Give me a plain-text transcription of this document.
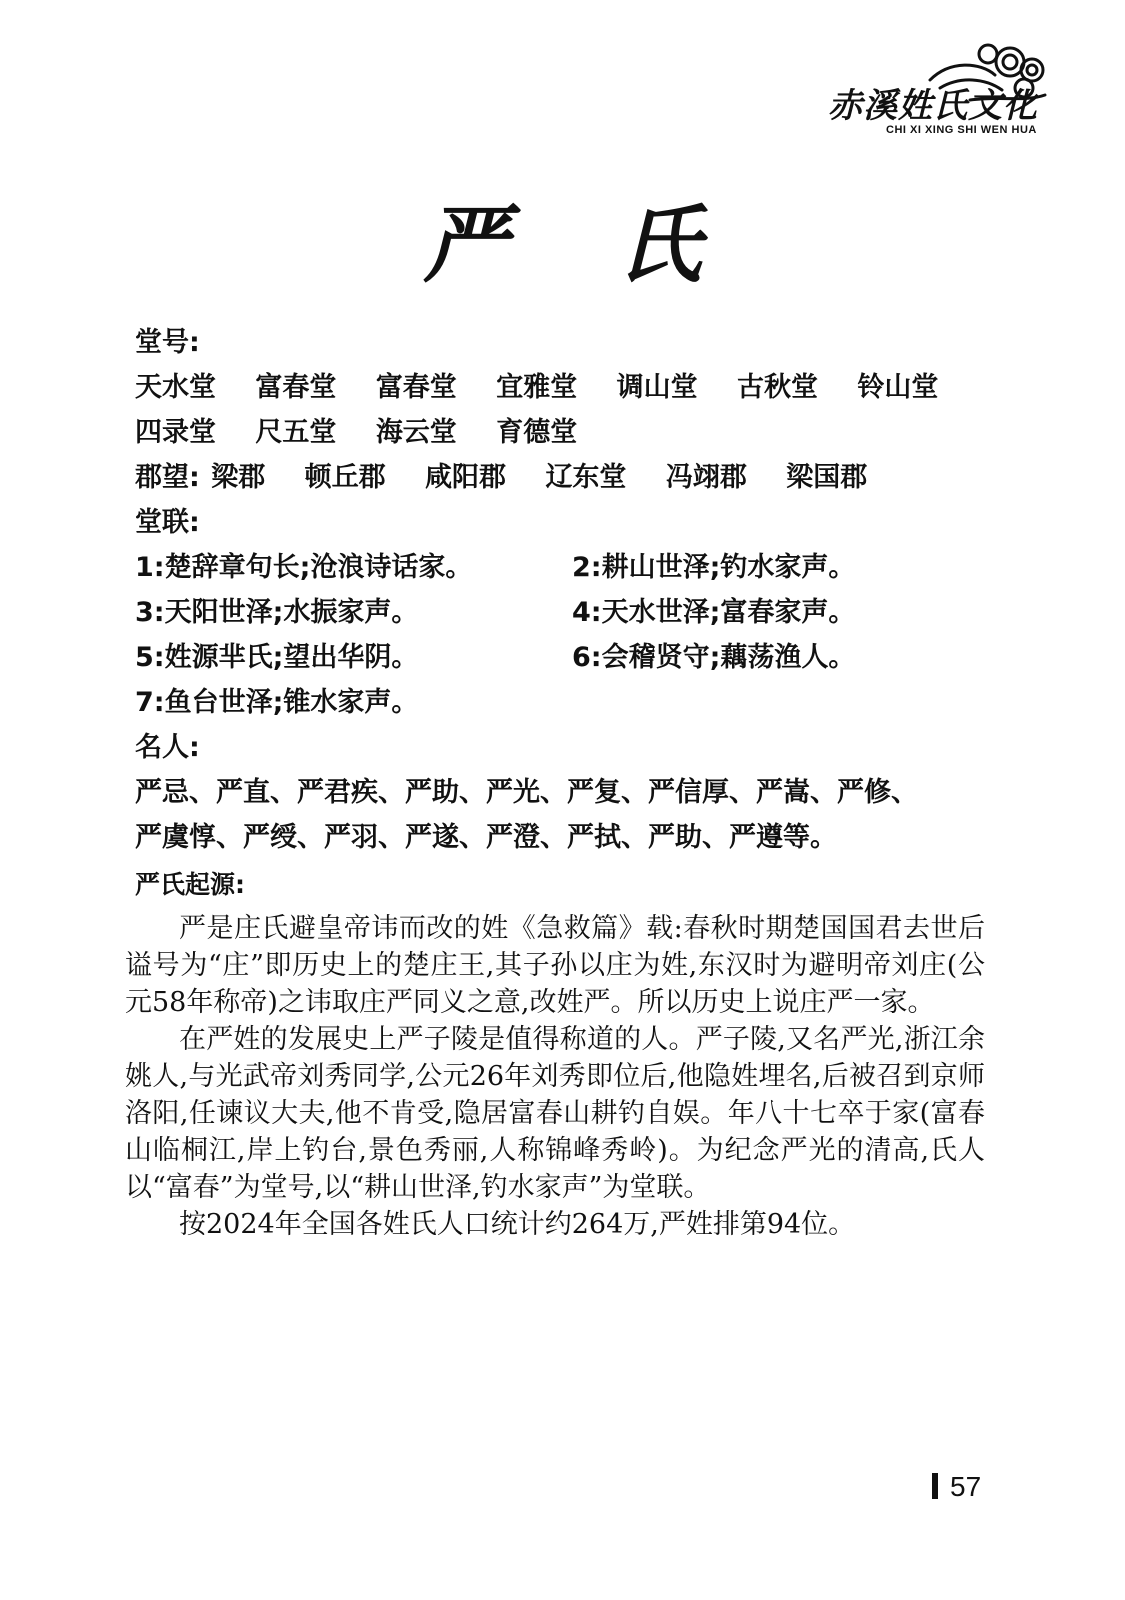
赤溪姓氏文化
CHI XI XING SHI WEN HUA
严氏
堂号:
天水堂 富春堂 富春堂 宜雅堂 调山堂 古秋堂 铃山堂
四录堂 尺五堂 海云堂 育德堂
郡望: 梁郡 顿丘郡 咸阳郡 辽东堂 冯翊郡 梁国郡
堂联:
1:楚辞章句长;沧浪诗话家。	2:耕山世泽;钓水家声。
3:天阳世泽;水振家声。	4:天水世泽;富春家声。
5:姓源芈氏;望出华阴。	6:会稽贤守;藕荡渔人。
7:鱼台世泽;锥水家声。
名人:
严忌、严直、严君疾、严助、严光、严复、严信厚、严嵩、严修、
严虞惇、严绶、严羽、严遂、严澄、严拭、严助、严遵等。
严氏起源:

严是庄氏避皇帝讳而改的姓《急救篇》载:春秋时期楚国国君去世后谥号为“庄”即历史上的楚庄王,其子孙以庄为姓,东汉时为避明帝刘庄(公元58年称帝)之讳取庄严同义之意,改姓严。所以历史上说庄严一家。

在严姓的发展史上严子陵是值得称道的人。严子陵,又名严光,浙江余姚人,与光武帝刘秀同学,公元26年刘秀即位后,他隐姓埋名,后被召到京师洛阳,任谏议大夫,他不肯受,隐居富春山耕钓自娱。年八十七卒于家(富春山临桐江,岸上钓台,景色秀丽,人称锦峰秀岭)。为纪念严光的清高,氏人以“富春”为堂号,以“耕山世泽,钓水家声”为堂联。

按2024年全国各姓氏人口统计约264万,严姓排第94位。

57
